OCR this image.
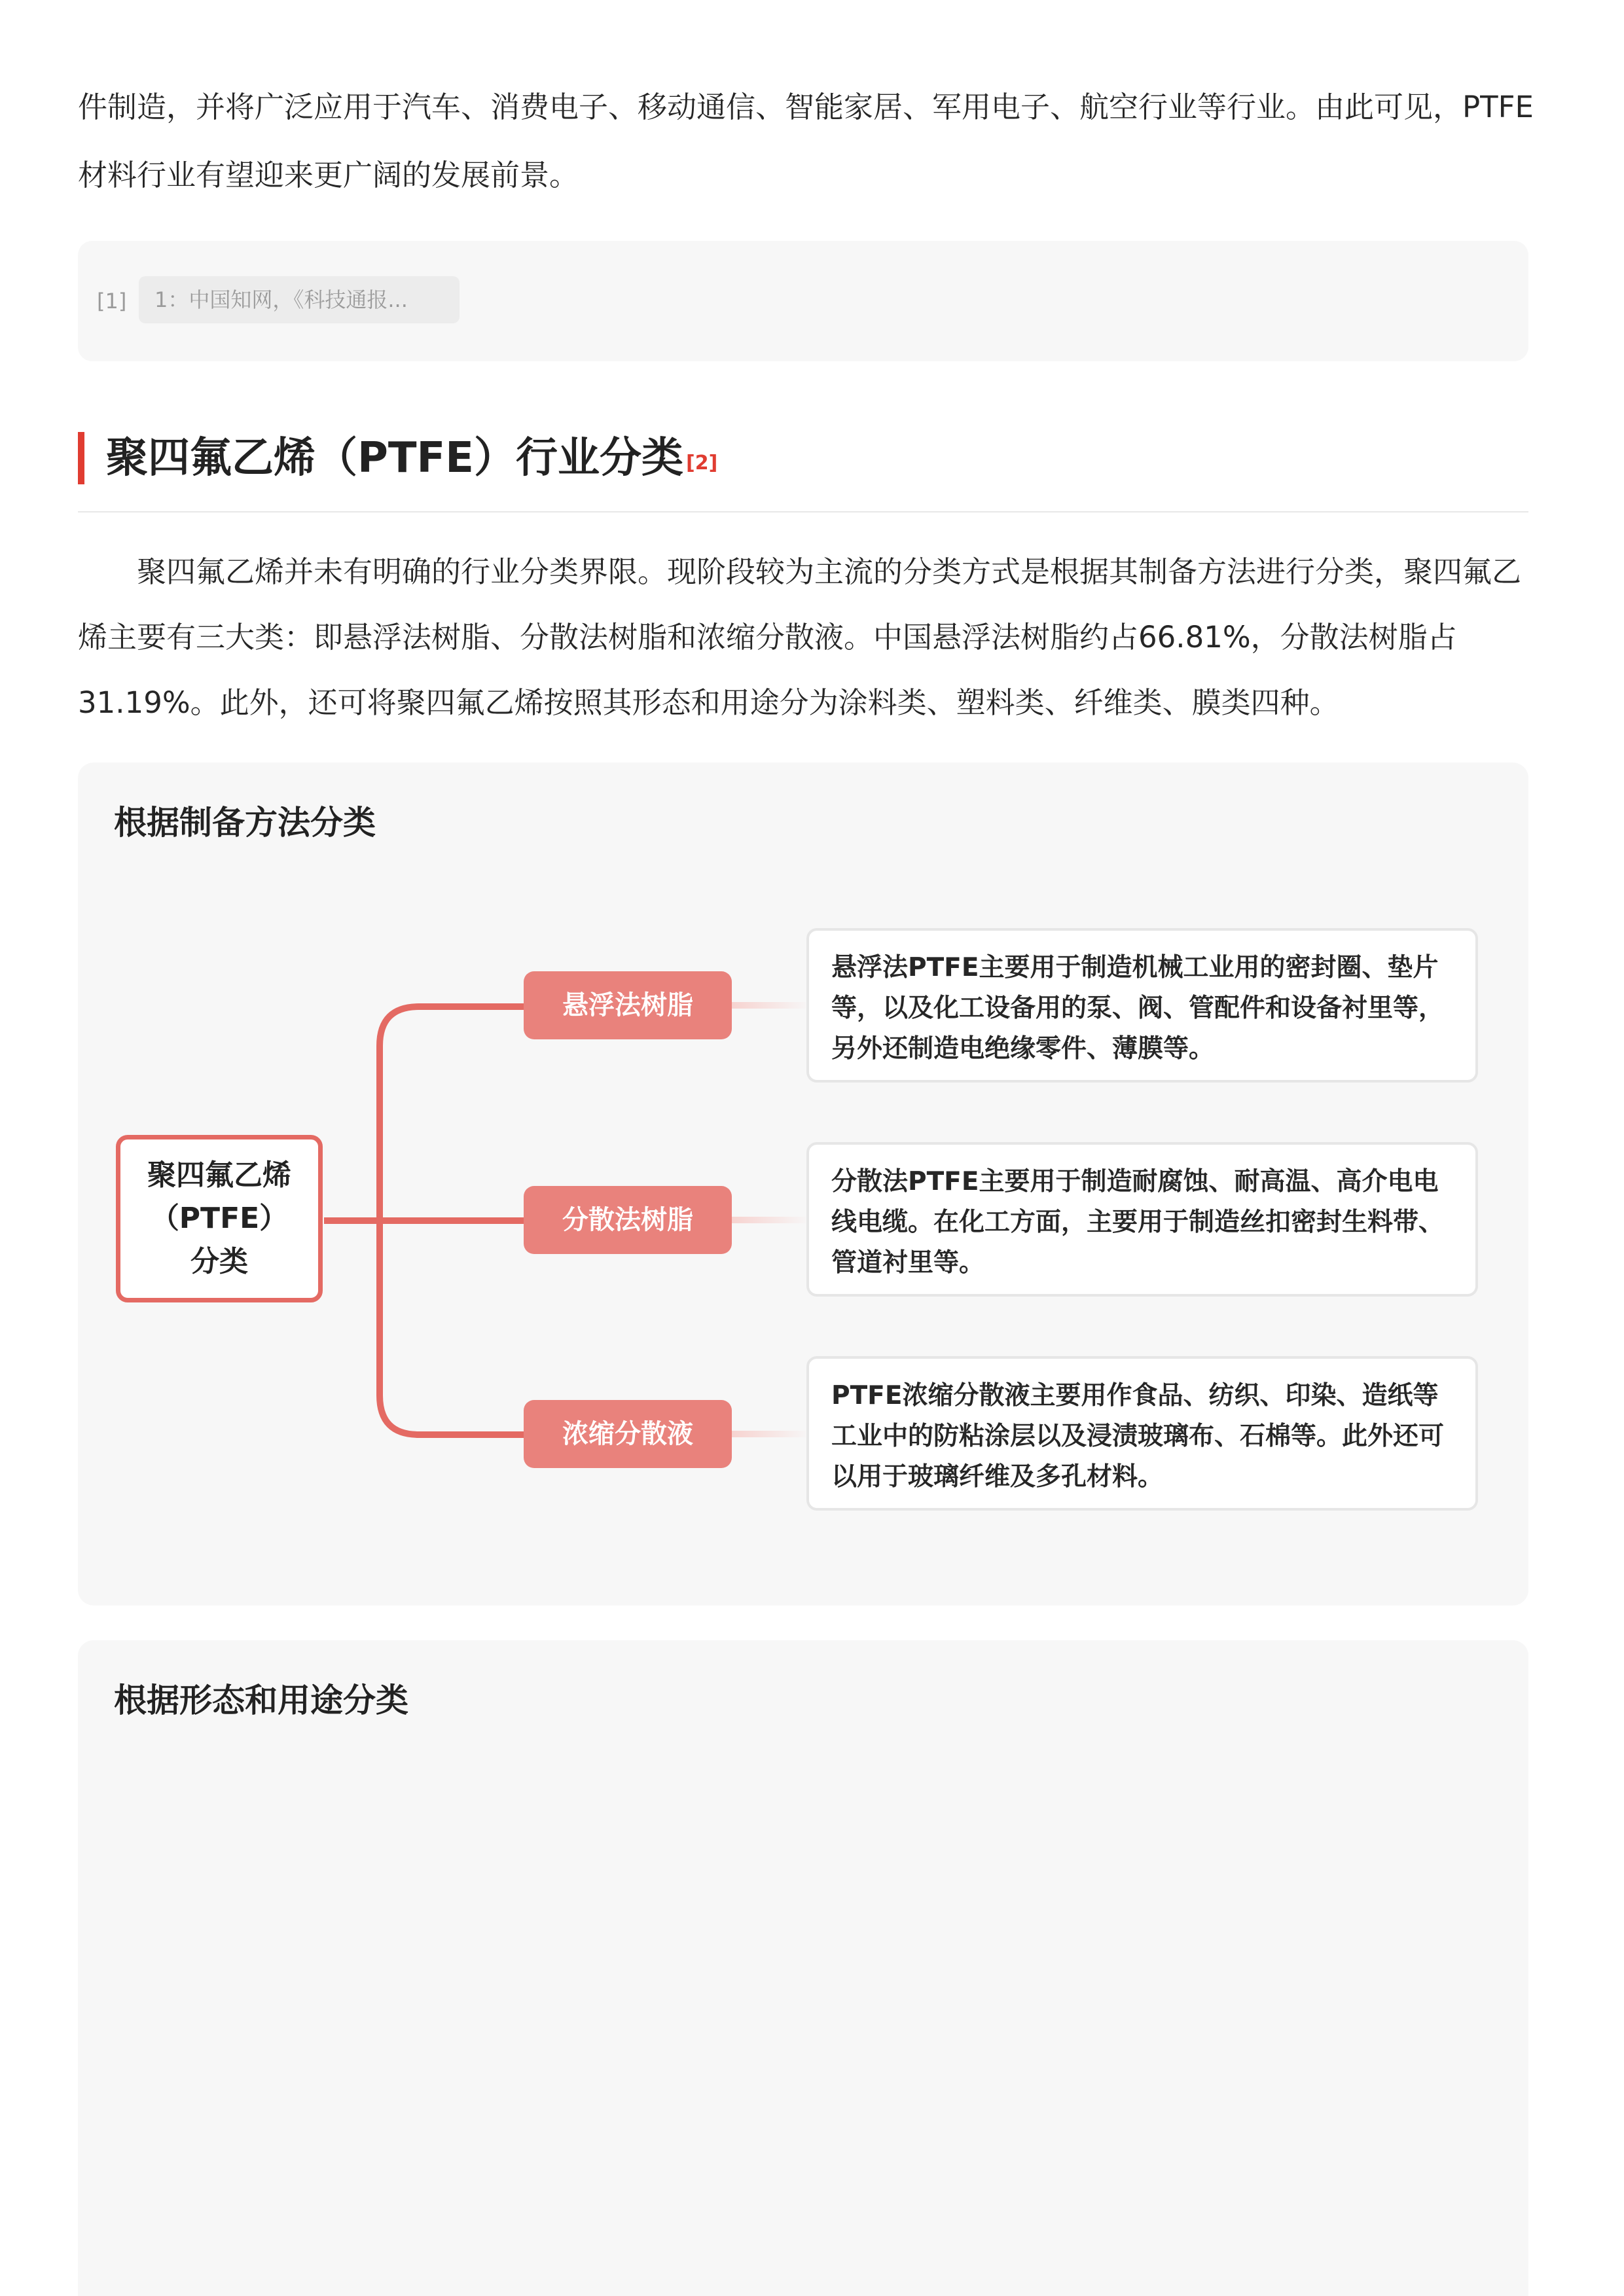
件制造，并将广泛应用于汽车、消费电子、移动通信、智能家居、军用电子、航空行业等行业。由此可见，PTFE
材料行业有望迎来更广阔的发展前景。
[1]	1：中国知网，《科技通报...
聚四氟乙烯（PTFE）行业分类 [2]
聚四氟乙烯并未有明确的行业分类界限。现阶段较为主流的分类方式是根据其制备方法进行分类，聚四氟乙
烯主要有三大类：即悬浮法树脂、分散法树脂和浓缩分散液。中国悬浮法树脂约占66.81%，分散法树脂占
31.19%。此外，还可将聚四氟乙烯按照其形态和用途分为涂料类、塑料类、纤维类、膜类四种。
根据制备方法分类
聚四氟乙烯
（PTFE）
分类
悬浮法树脂
悬浮法PTFE主要用于制造机械工业用的密封圈、垫片
等，以及化工设备用的泵、阀、管配件和设备衬里等，
另外还制造电绝缘零件、薄膜等。
分散法树脂
分散法PTFE主要用于制造耐腐蚀、耐高温、高介电电
线电缆。在化工方面，主要用于制造丝扣密封生料带、
管道衬里等。
浓缩分散液
PTFE浓缩分散液主要用作食品、纺织、印染、造纸等
工业中的防粘涂层以及浸渍玻璃布、石棉等。此外还可
以用于玻璃纤维及多孔材料。
根据形态和用途分类
